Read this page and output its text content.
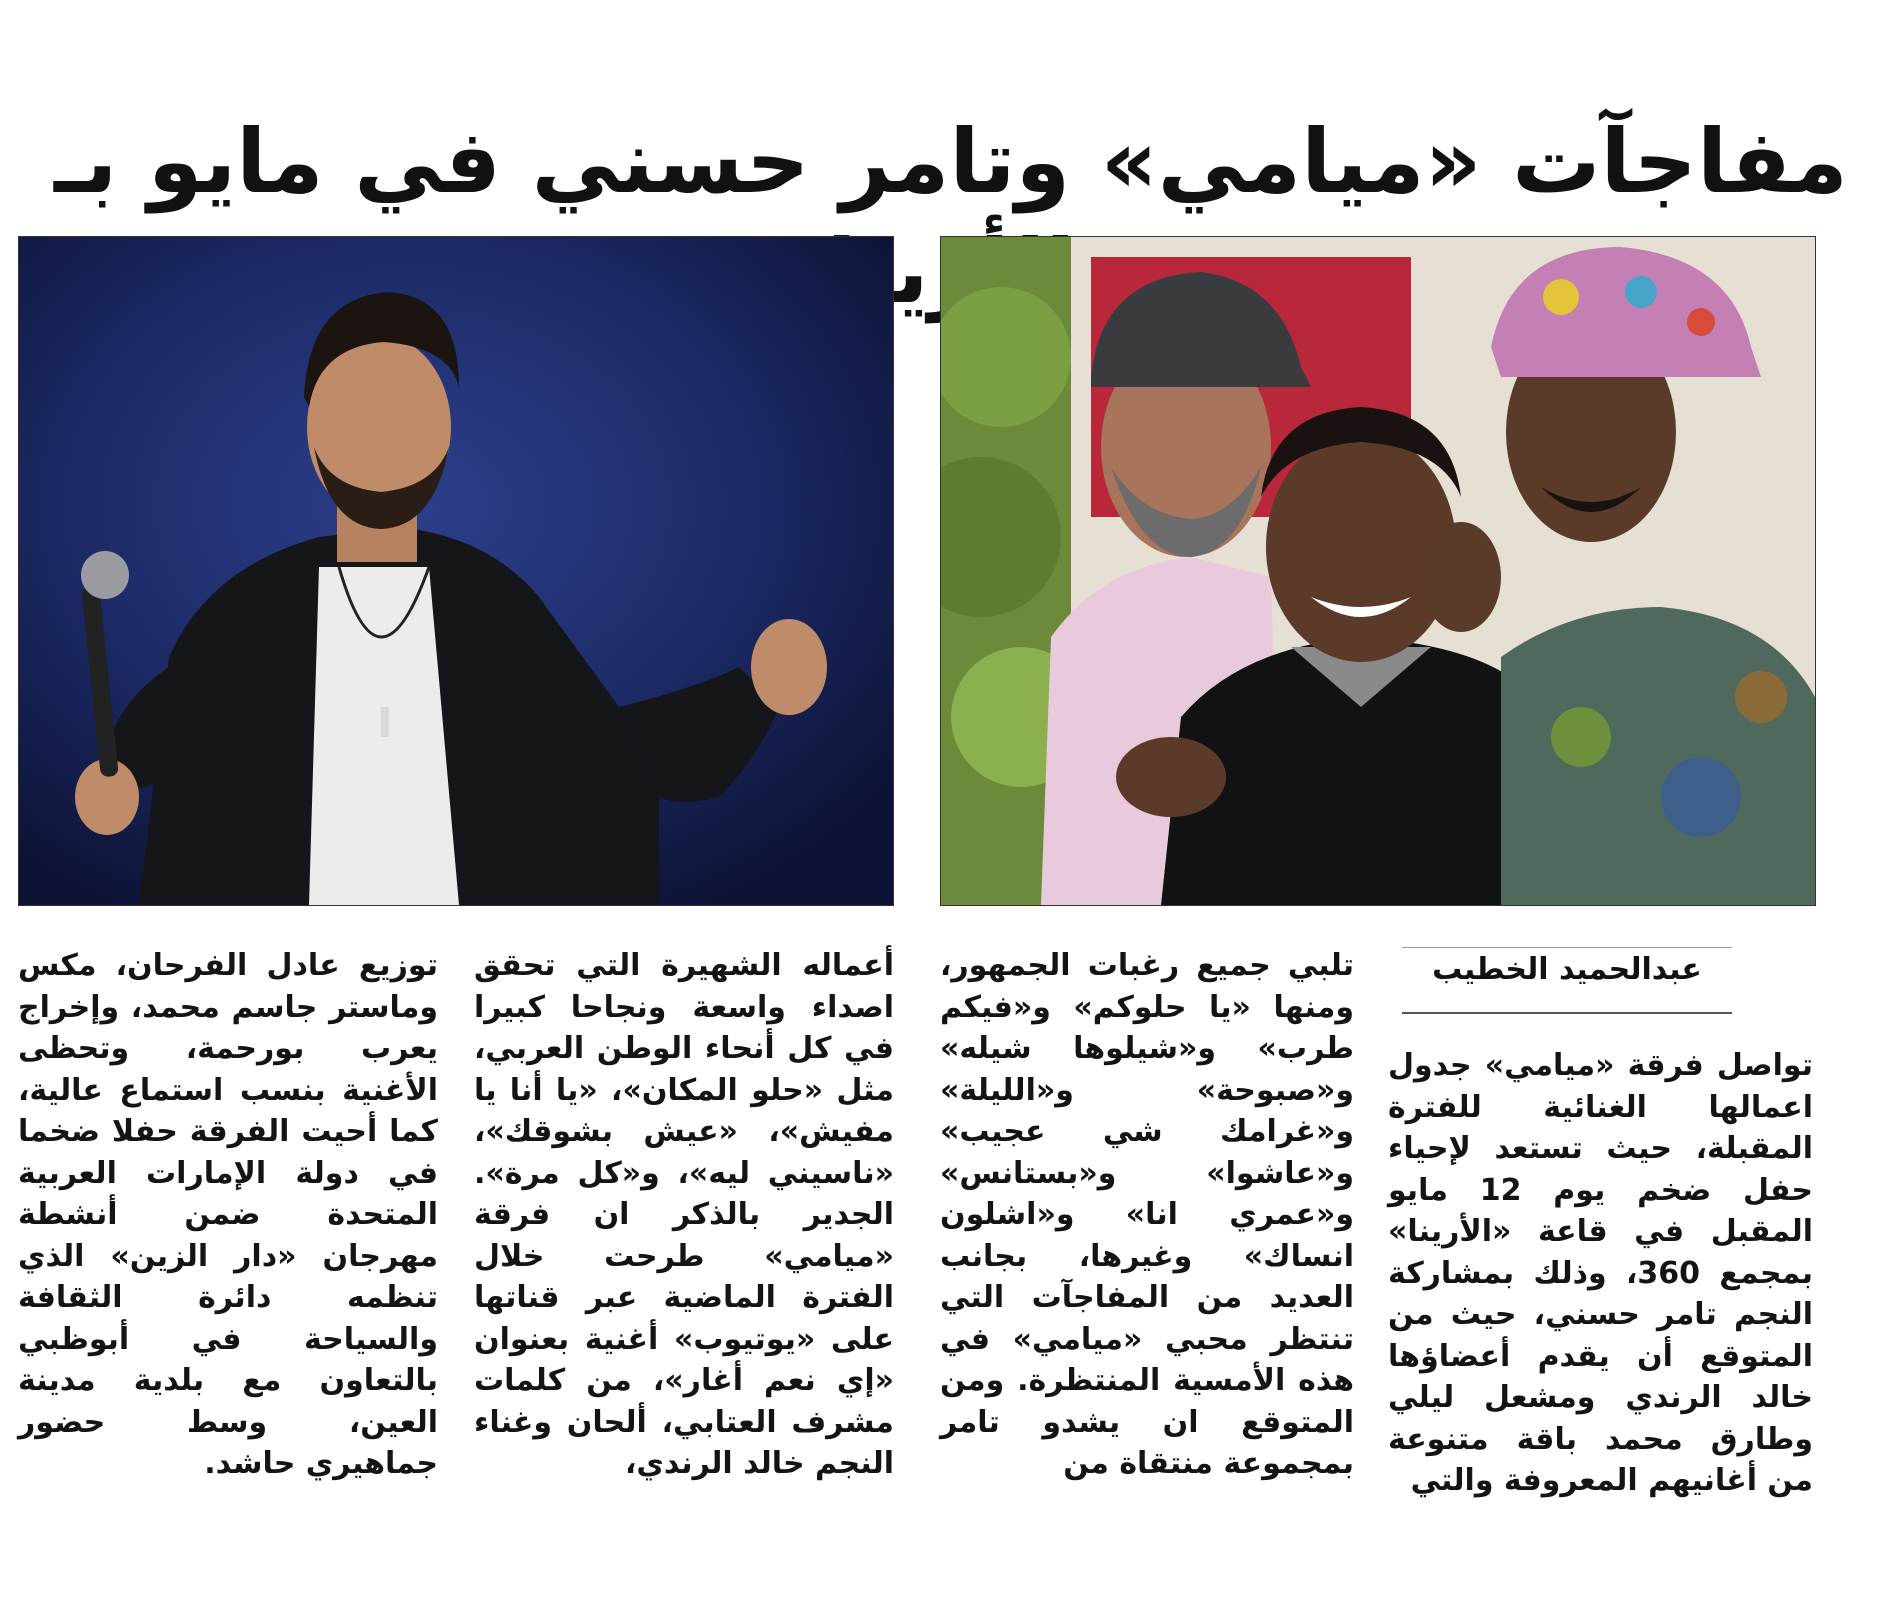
مفاجآت «ميامي» وتامر حسني في مايو بـ
عبدالحميد الخطيب

تواصل فرقة «ميامي» جدول اعمالها الغنائية للفترة المقبلة، حيث تستعد لإحياء حفل ضخم يوم 12 مايو المقبل في قاعة «الأرينا» بمجمع 360، وذلك بمشاركة النجم تامر حسني، حيث من المتوقع أن يقدم أعضاؤها خالد الرندي ومشعل ليلي وطارق محمد باقة متنوعة من أغانيهم المعروفة والتي

تلبي جميع رغبات الجمهور، ومنها «يا حلوكم» و«فيكم طرب» و«شيلوها شيله» و«صبوحة» و«الليلة» و«غرامك شي عجيب» و«عاشوا» و«بستانس» و«عمري انا» و«اشلون انساك» وغيرها، بجانب العديد من المفاجآت التي تنتظر محبي «ميامي» في هذه الأمسية المنتظرة. ومن المتوقع ان يشدو تامر بمجموعة منتقاة من

أعماله الشهيرة التي تحقق اصداء واسعة ونجاحا كبيرا في كل أنحاء الوطن العربي، مثل «حلو المكان»، «يا أنا يا مفيش»، «عيش بشوقك»، «ناسيني ليه»، و«كل مرة». الجدير بالذكر ان فرقة «ميامي» طرحت خلال الفترة الماضية عبر قناتها على «يوتيوب» أغنية بعنوان «إي نعم أغار»، من كلمات مشرف العتابي، ألحان وغناء النجم خالد الرندي،

توزيع عادل الفرحان، مكس وماستر جاسم محمد، وإخراج يعرب بورحمة، وتحظى الأغنية بنسب استماع عالية، كما أحيت الفرقة حفلا ضخما في دولة الإمارات العربية المتحدة ضمن أنشطة مهرجان «دار الزين» الذي تنظمه دائرة الثقافة والسياحة في أبوظبي بالتعاون مع بلدية مدينة العين، وسط حضور جماهيري حاشد.
